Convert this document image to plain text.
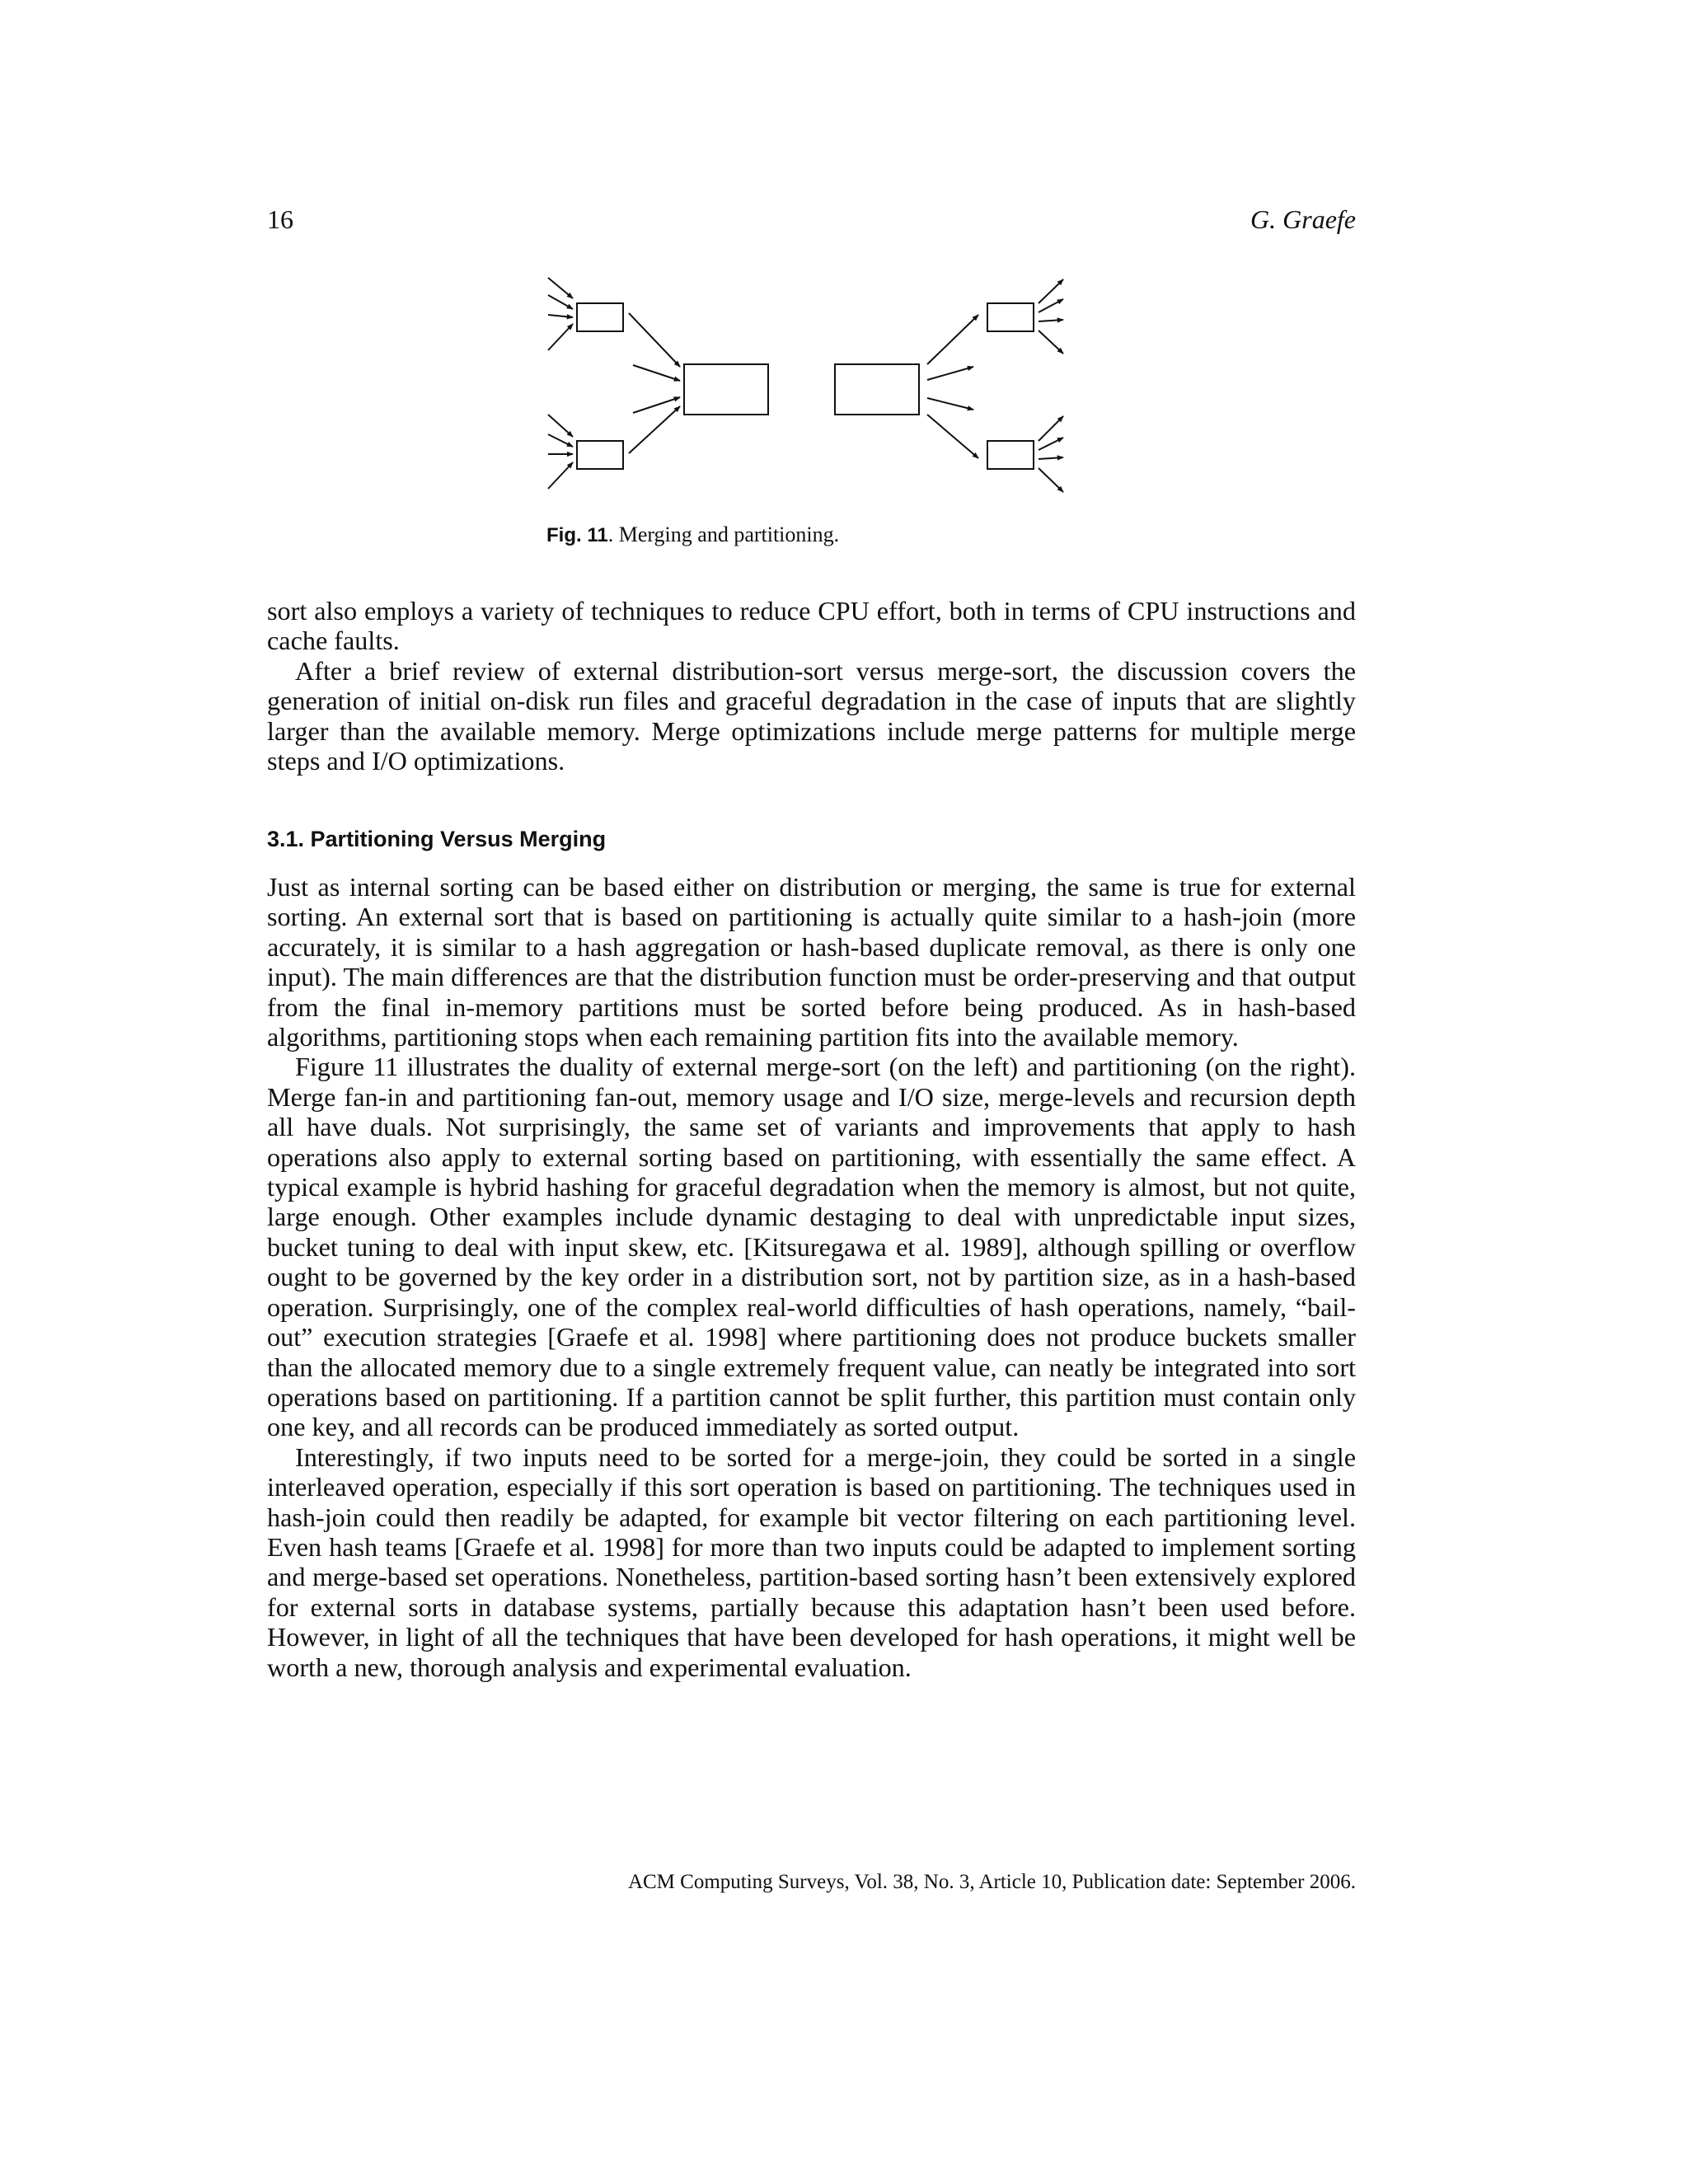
16	G. Graefe
Fig. 11. Merging and partitioning.

sort also employs a variety of techniques to reduce CPU effort, both in terms of CPU instructions and cache faults.

After a brief review of external distribution-sort versus merge-sort, the discussion covers the generation of initial on-disk run files and graceful degradation in the case of inputs that are slightly larger than the available memory. Merge optimizations include merge patterns for multiple merge steps and I/O optimizations.

3.1. Partitioning Versus Merging

Just as internal sorting can be based either on distribution or merging, the same is true for external sorting. An external sort that is based on partitioning is actually quite similar to a hash-join (more accurately, it is similar to a hash aggregation or hash-based duplicate removal, as there is only one input). The main differences are that the distribution function must be order-preserving and that output from the final in-memory partitions must be sorted before being produced. As in hash-based algorithms, partitioning stops when each remaining partition fits into the available memory.

Figure 11 illustrates the duality of external merge-sort (on the left) and partitioning (on the right). Merge fan-in and partitioning fan-out, memory usage and I/O size, merge-levels and recursion depth all have duals. Not surprisingly, the same set of variants and improvements that apply to hash operations also apply to external sorting based on partitioning, with essentially the same effect. A typical example is hybrid hashing for graceful degradation when the memory is almost, but not quite, large enough. Other examples include dynamic destaging to deal with unpredictable input sizes, bucket tuning to deal with input skew, etc. [Kitsuregawa et al. 1989], although spilling or overflow ought to be governed by the key order in a distribution sort, not by partition size, as in a hash-based operation. Surprisingly, one of the complex real-world difficulties of hash operations, namely, “bail-out” execution strategies [Graefe et al. 1998] where partitioning does not produce buckets smaller than the allocated memory due to a single extremely frequent value, can neatly be integrated into sort operations based on partitioning. If a partition cannot be split further, this partition must contain only one key, and all records can be produced immediately as sorted output.

Interestingly, if two inputs need to be sorted for a merge-join, they could be sorted in a single interleaved operation, especially if this sort operation is based on partitioning. The techniques used in hash-join could then readily be adapted, for example bit vector filtering on each partitioning level. Even hash teams [Graefe et al. 1998] for more than two inputs could be adapted to implement sorting and merge-based set operations. Nonetheless, partition-based sorting hasn’t been extensively explored for external sorts in database systems, partially because this adaptation hasn’t been used before. However, in light of all the techniques that have been developed for hash operations, it might well be worth a new, thorough analysis and experimental evaluation.

ACM Computing Surveys, Vol. 38, No. 3, Article 10, Publication date: September 2006.
